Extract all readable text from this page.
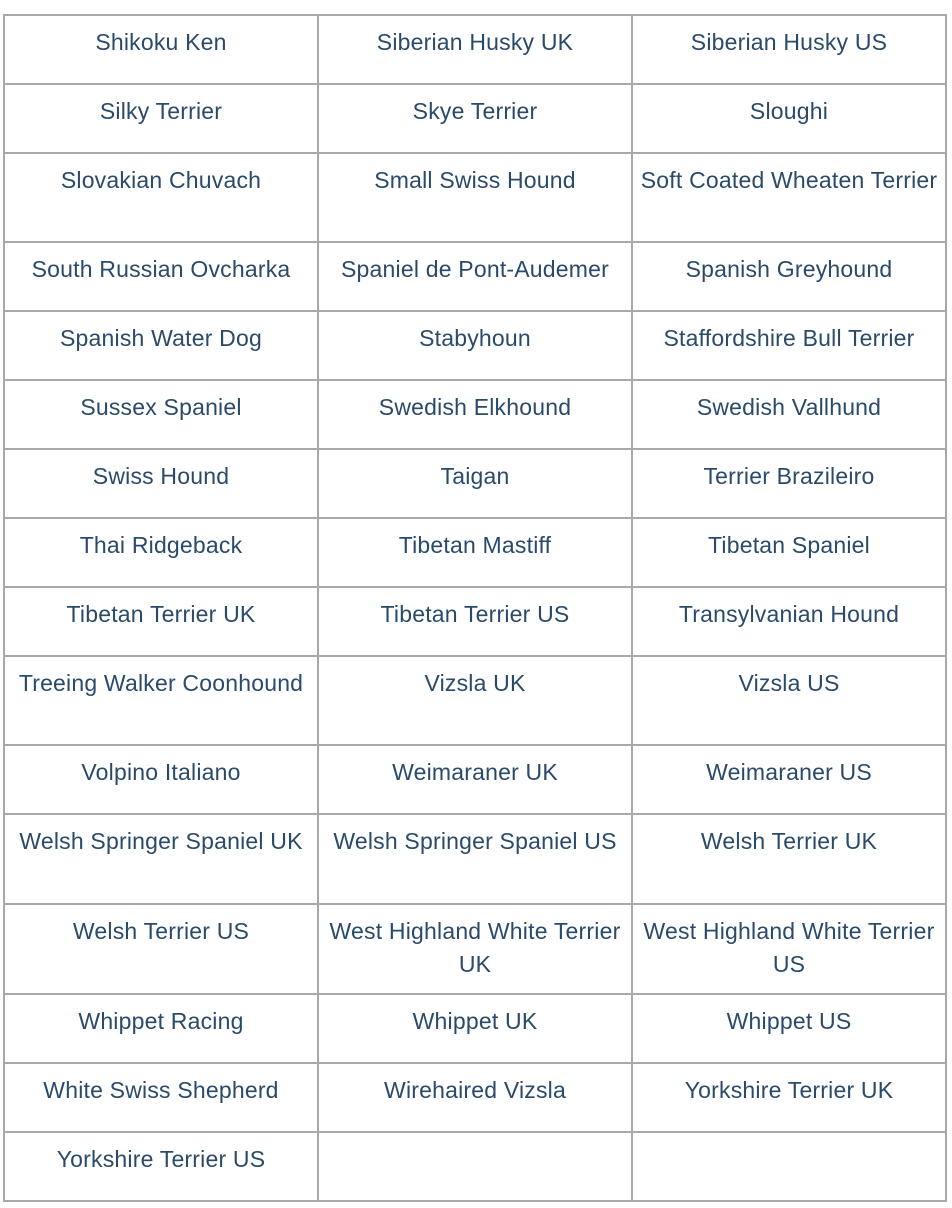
Shikoku Ken	Siberian Husky UK	Siberian Husky US
Silky Terrier	Skye Terrier	Sloughi
Slovakian Chuvach	Small Swiss Hound	Soft Coated Wheaten Terrier
South Russian Ovcharka	Spaniel de Pont-Audemer	Spanish Greyhound
Spanish Water Dog	Stabyhoun	Staffordshire Bull Terrier
Sussex Spaniel	Swedish Elkhound	Swedish Vallhund
Swiss Hound	Taigan	Terrier Brazileiro
Thai Ridgeback	Tibetan Mastiff	Tibetan Spaniel
Tibetan Terrier UK	Tibetan Terrier US	Transylvanian Hound
Treeing Walker Coonhound	Vizsla UK	Vizsla US
Volpino Italiano	Weimaraner UK	Weimaraner US
Welsh Springer Spaniel UK	Welsh Springer Spaniel US	Welsh Terrier UK
Welsh Terrier US	West Highland White Terrier UK	West Highland White Terrier US
Whippet Racing	Whippet UK	Whippet US
White Swiss Shepherd	Wirehaired Vizsla	Yorkshire Terrier UK
Yorkshire Terrier US		
